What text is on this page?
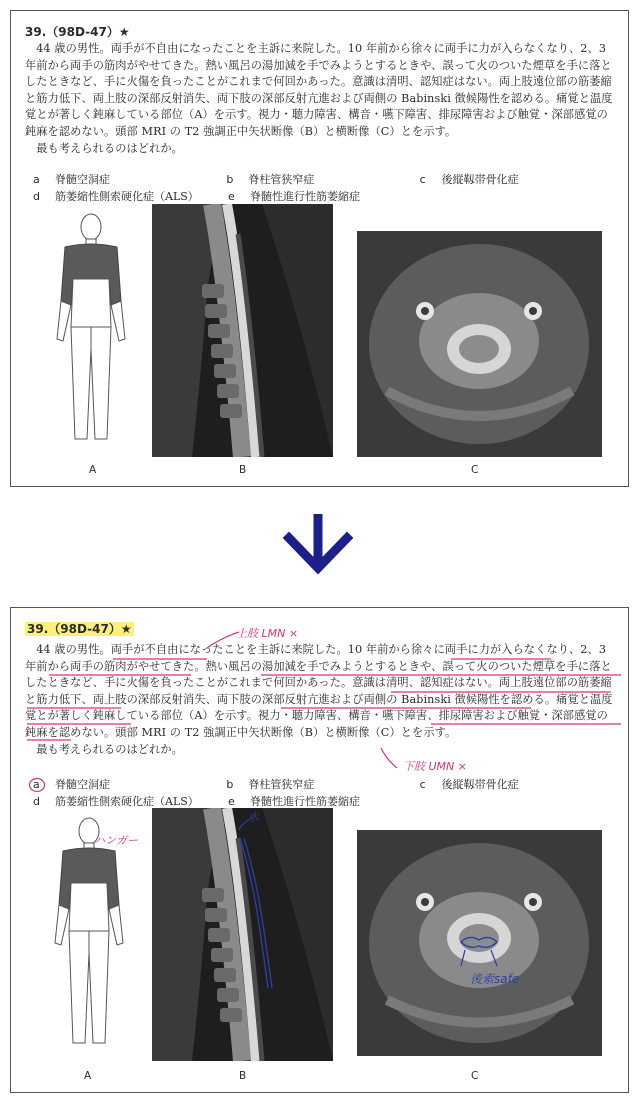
39.（98D-47）★

44 歳の男性。両手が不自由になったことを主訴に来院した。10 年前から徐々に両手に力が入らなくなり、2、3 年前から両手の筋肉がやせてきた。熱い風呂の湯加減を手でみようとするときや、誤って火のついた煙草を手に落としたときなど、手に火傷を負ったことがこれまで何回かあった。意識は清明、認知症はない。両上肢遠位部の筋萎縮と筋力低下、両上肢の深部反射消失、両下肢の深部反射亢進および両側の Babinski 徴候陽性を認める。痛覚と温度覚とが著しく鈍麻している部位（A）を示す。視力・聴力障害、構音・嚥下障害、排尿障害および触覚・深部感覚の鈍麻を認めない。頭部 MRI の T2 強調正中矢状断像（B）と横断像（C）とを示す。

最も考えられるのはどれか。

a	脊髄空洞症	b	脊柱管狭窄症	c	後縦靱帯骨化症
d	筋萎縮性側索硬化症（ALS）	e	脊髄性進行性筋萎縮症
A	B	C
39.（98D-47）★

44 歳の男性。両手が不自由になったことを主訴に来院した。10 年前から徐々に両手に力が入らなくなり、2、3 年前から両手の筋肉がやせてきた。熱い風呂の湯加減を手でみようとするときや、誤って火のついた煙草を手に落としたときなど、手に火傷を負ったことがこれまで何回かあった。意識は清明、認知症はない。両上肢遠位部の筋萎縮と筋力低下、両上肢の深部反射消失、両下肢の深部反射亢進および両側の Babinski 徴候陽性を認める。痛覚と温度覚とが著しく鈍麻している部位（A）を示す。視力・聴力障害、構音・嚥下障害、排尿障害および触覚・深部感覚の鈍麻を認めない。頭部 MRI の T2 強調正中矢状断像（B）と横断像（C）とを示す。

最も考えられるのはどれか。

上肢 LMN ×
下肢 UMN ×
a	脊髄空洞症	b	脊柱管狭窄症	c	後縦靱帯骨化症
d	筋萎縮性側索硬化症（ALS）	e	脊髄性進行性筋萎縮症
ハンガー
水
後索safe
A	B	C
